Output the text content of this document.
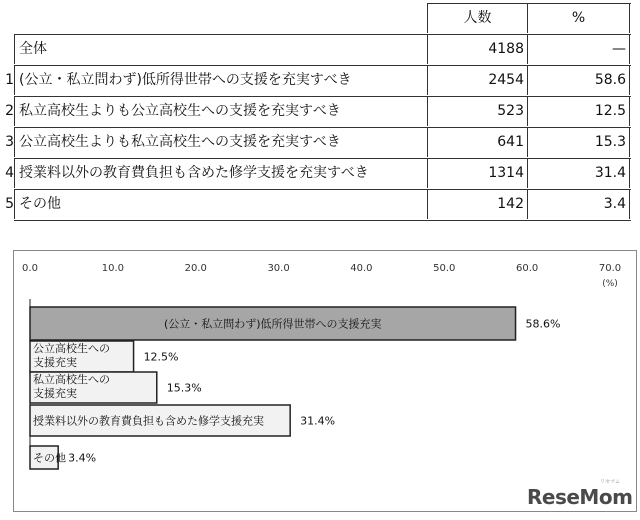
人数	%
全体	4188	—
1 (公立・私立問わず)低所得世帯への支援を充実すべき	2454	58.6
2 私立高校生よりも公立高校生への支援を充実すべき	523	12.5
3 公立高校生よりも私立高校生への支援を充実すべき	641	15.3
4 授業料以外の教育費負担も含めた修学支援を充実すべき	1314	31.4
5 その他	142	3.4
0.0	10.0	20.0	30.0	40.0	50.0	60.0	70.0
(%)
(公立・私立問わず)低所得世帯への支援充実	58.6%
公立高校生への
支援充実	12.5%
私立高校生への
支援充実	15.3%
授業料以外の教育費負担も含めた修学支援充実	31.4%
その他 3.4%
ReseMom
リセマム
